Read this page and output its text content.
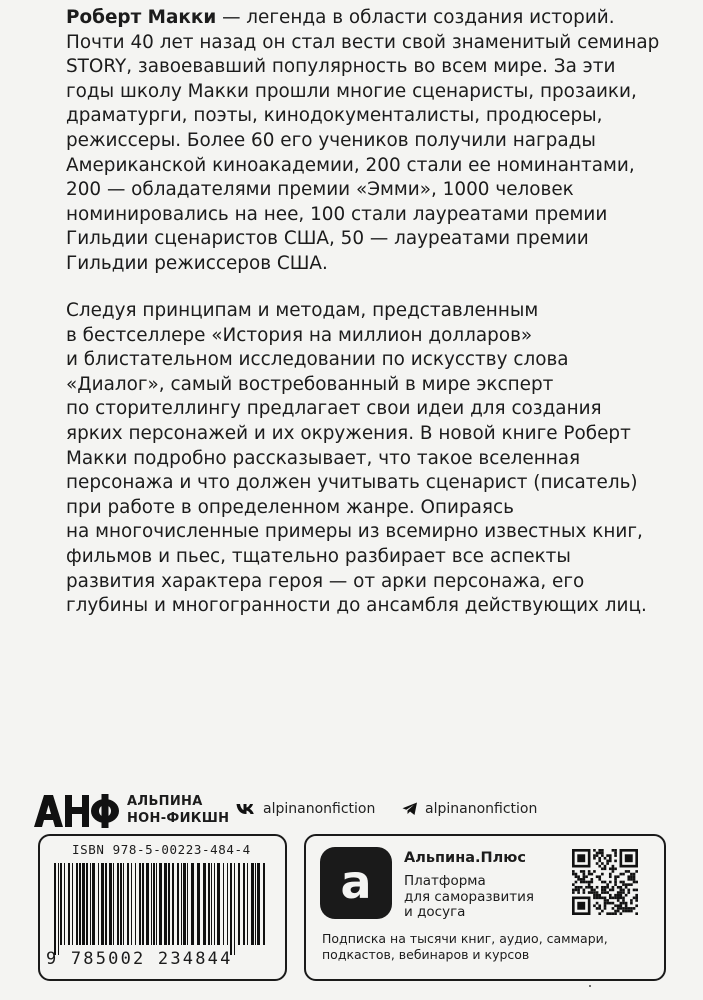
Роберт Макки — легенда в области создания историй.
Почти 40 лет назад он стал вести свой знаменитый семинар
STORY, завоевавший популярность во всем мире. За эти
годы школу Макки прошли многие сценаристы, прозаики,
драматурги, поэты, кинодокументалисты, продюсеры,
режиссеры. Более 60 его учеников получили награды
Американской киноакадемии, 200 стали ее номинантами,
200 — обладателями премии «Эмми», 1000 человек
номинировались на нее, 100 стали лауреатами премии
Гильдии сценаристов США, 50 — лауреатами премии
Гильдии режиссеров США.
Следуя принципам и методам, представленным
в бестселлере «История на миллион долларов»
и блистательном исследовании по искусству слова
«Диалог», самый востребованный в мире эксперт
по сторителлингу предлагает свои идеи для создания
ярких персонажей и их окружения. В новой книге Роберт
Макки подробно рассказывает, что такое вселенная
персонажа и что должен учитывать сценарист (писатель)
при работе в определенном жанре. Опираясь
на многочисленные примеры из всемирно известных книг,
фильмов и пьес, тщательно разбирает все аспекты
развития характера героя — от арки персонажа, его
глубины и многогранности до ансамбля действующих лиц.
АЛЬПИНА
НОН-ФИКШН
alpinanonfiction	alpinanonfiction
ISBN 978-5-00223-484-4
9 785002 234844
a Альпина.Плюс
Платформа
для саморазвития
и досуга
Подписка на тысячи книг, аудио, саммари,
подкастов, вебинаров и курсов
